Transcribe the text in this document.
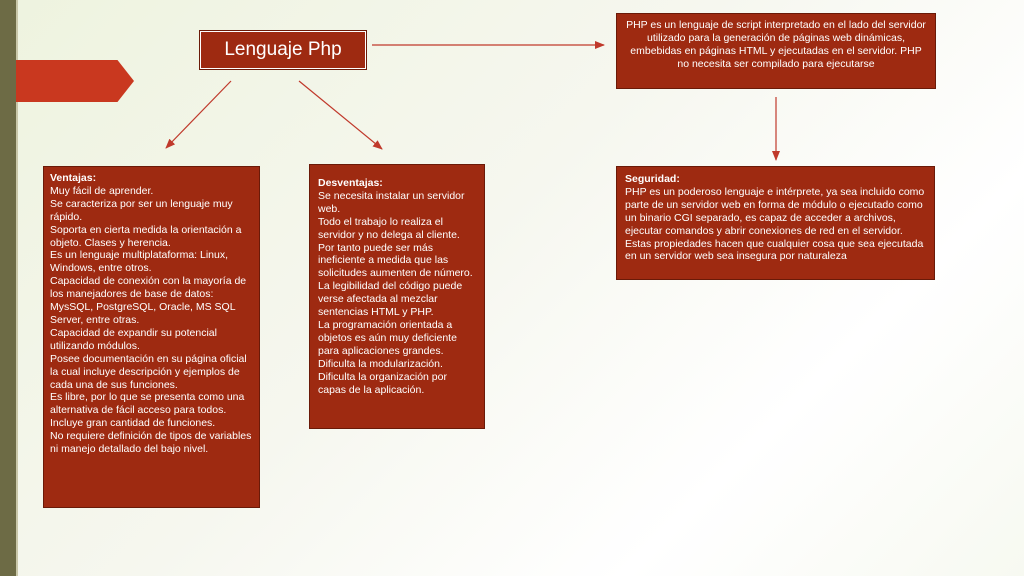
Lenguaje Php
PHP es un lenguaje de script interpretado en el lado del servidor utilizado para la generación de páginas web dinámicas, embebidas en páginas HTML y ejecutadas en el servidor. PHP no necesita ser compilado para ejecutarse
Ventajas:
Muy fácil de aprender.
Se caracteriza por ser un lenguaje muy rápido.
Soporta en cierta medida la orientación a objeto. Clases y herencia.
Es un lenguaje multiplataforma: Linux, Windows, entre otros.
Capacidad de conexión con la mayoría de los manejadores de base de datos: MysSQL, PostgreSQL, Oracle, MS SQL Server, entre otras.
Capacidad de expandir su potencial utilizando módulos.
Posee documentación en su página oficial la cual incluye descripción y ejemplos de cada una de sus funciones.
Es libre, por lo que se presenta como una alternativa de fácil acceso para todos.
Incluye gran cantidad de funciones.
No requiere definición de tipos de variables ni manejo detallado del bajo nivel.
Desventajas:
Se necesita instalar un servidor web.
Todo el trabajo lo realiza el servidor y no delega al cliente. Por tanto puede ser más ineficiente a medida que las solicitudes aumenten de número.
La legibilidad del código puede verse afectada al mezclar sentencias HTML y PHP.
La programación orientada a objetos es aún muy deficiente para aplicaciones grandes.
Dificulta la modularización.
Dificulta la organización por capas de la aplicación.
Seguridad:
PHP es un poderoso lenguaje e intérprete, ya sea incluido como parte de un servidor web en forma de módulo o ejecutado como un binario CGI separado, es capaz de acceder a archivos, ejecutar comandos y abrir conexiones de red en el servidor. Estas propiedades hacen que cualquier cosa que sea ejecutada en un servidor web sea insegura por naturaleza
